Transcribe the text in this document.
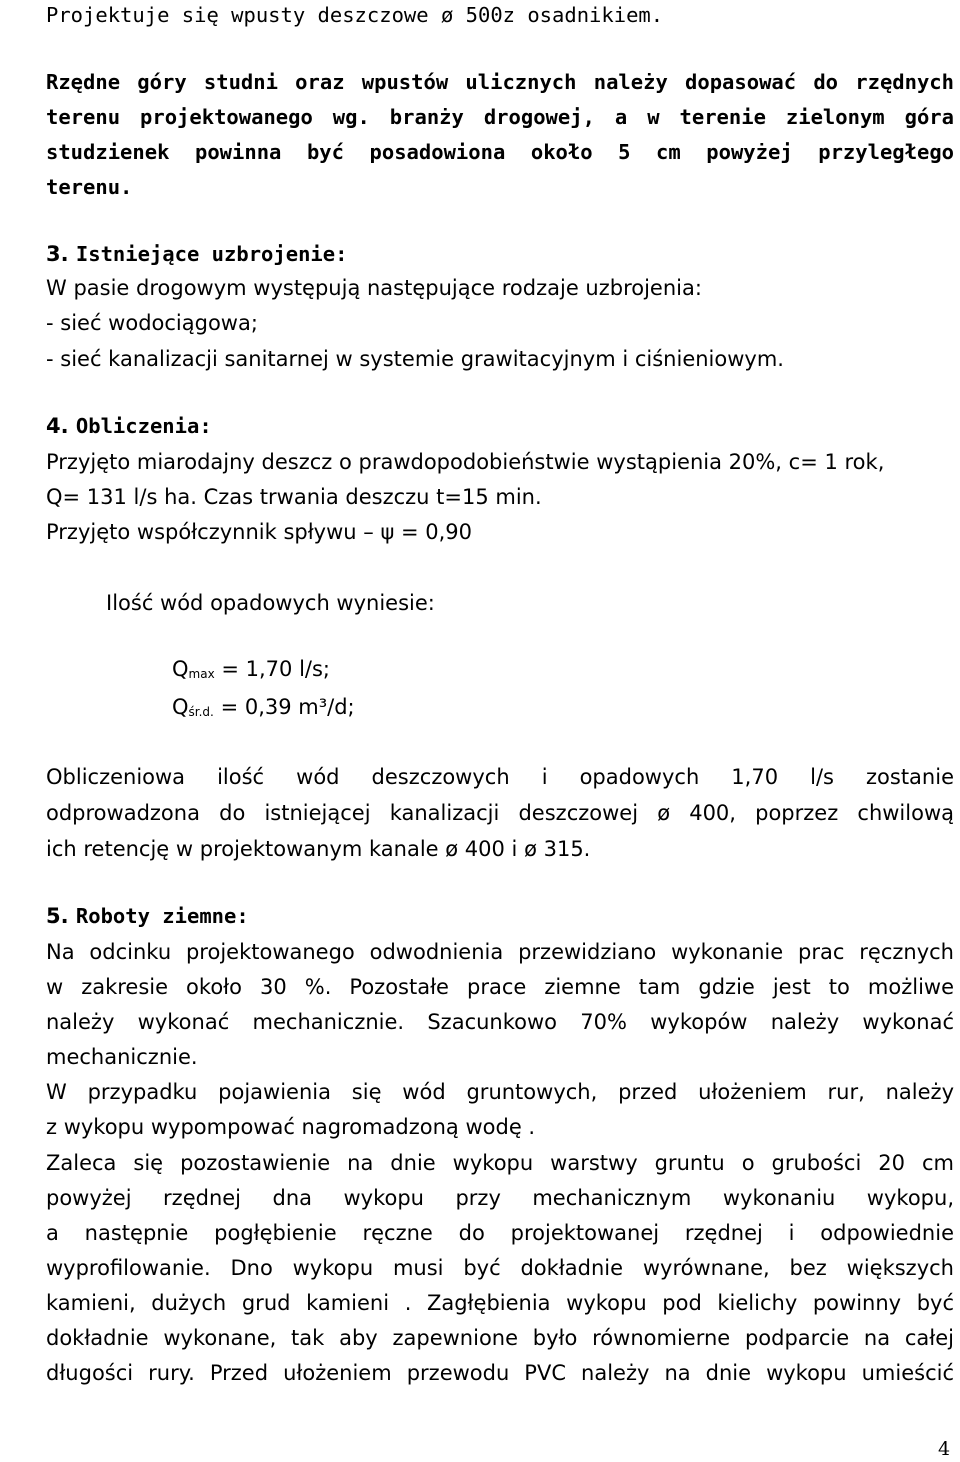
Projektuje się wpusty deszczowe ø 500z osadnikiem.
Rzędne góry studni oraz wpustów ulicznych należy dopasować do rzędnych
terenu projektowanego wg. branży drogowej, a w terenie zielonym góra
studzienek powinna być posadowiona około 5 cm powyżej przyległego
terenu.
3. Istniejące uzbrojenie:
W pasie drogowym występują następujące rodzaje uzbrojenia:
- sieć wodociągowa;
- sieć kanalizacji sanitarnej w systemie grawitacyjnym i ciśnieniowym.
4. Obliczenia:
Przyjęto miarodajny deszcz o prawdopodobieństwie wystąpienia 20%, c= 1 rok,
Q= 131 l/s ha. Czas trwania deszczu t=15 min.
Przyjęto współczynnik spływu – ψ = 0,90
Ilość wód opadowych wyniesie:
$Q_{max} = 1,70$ l/s;
$Q_{śr.d.} = 0,39$ m³/d;
Obliczeniowa ilość wód deszczowych i opadowych 1,70 l/s zostanie
odprowadzona do istniejącej kanalizacji deszczowej ø 400, poprzez chwilową
ich retencję w projektowanym kanale ø 400 i ø 315.
5. Roboty ziemne:
Na odcinku projektowanego odwodnienia przewidziano wykonanie prac ręcznych
w zakresie około 30 %. Pozostałe prace ziemne tam gdzie jest to możliwe
należy wykonać mechanicznie. Szacunkowo 70% wykopów należy wykonać
mechanicznie.
W przypadku pojawienia się wód gruntowych, przed ułożeniem rur, należy
z wykopu wypompować nagromadzoną wodę .
Zaleca się pozostawienie na dnie wykopu warstwy gruntu o grubości 20 cm
powyżej rzędnej dna wykopu przy mechanicznym wykonaniu wykopu,
a następnie pogłębienie ręczne do projektowanej rzędnej i odpowiednie
wyprofilowanie. Dno wykopu musi być dokładnie wyrównane, bez większych
kamieni, dużych grud kamieni . Zagłębienia wykopu pod kielichy powinny być
dokładnie wykonane, tak aby zapewnione było równomierne podparcie na całej
długości rury. Przed ułożeniem przewodu PVC należy na dnie wykopu umieścić
4
